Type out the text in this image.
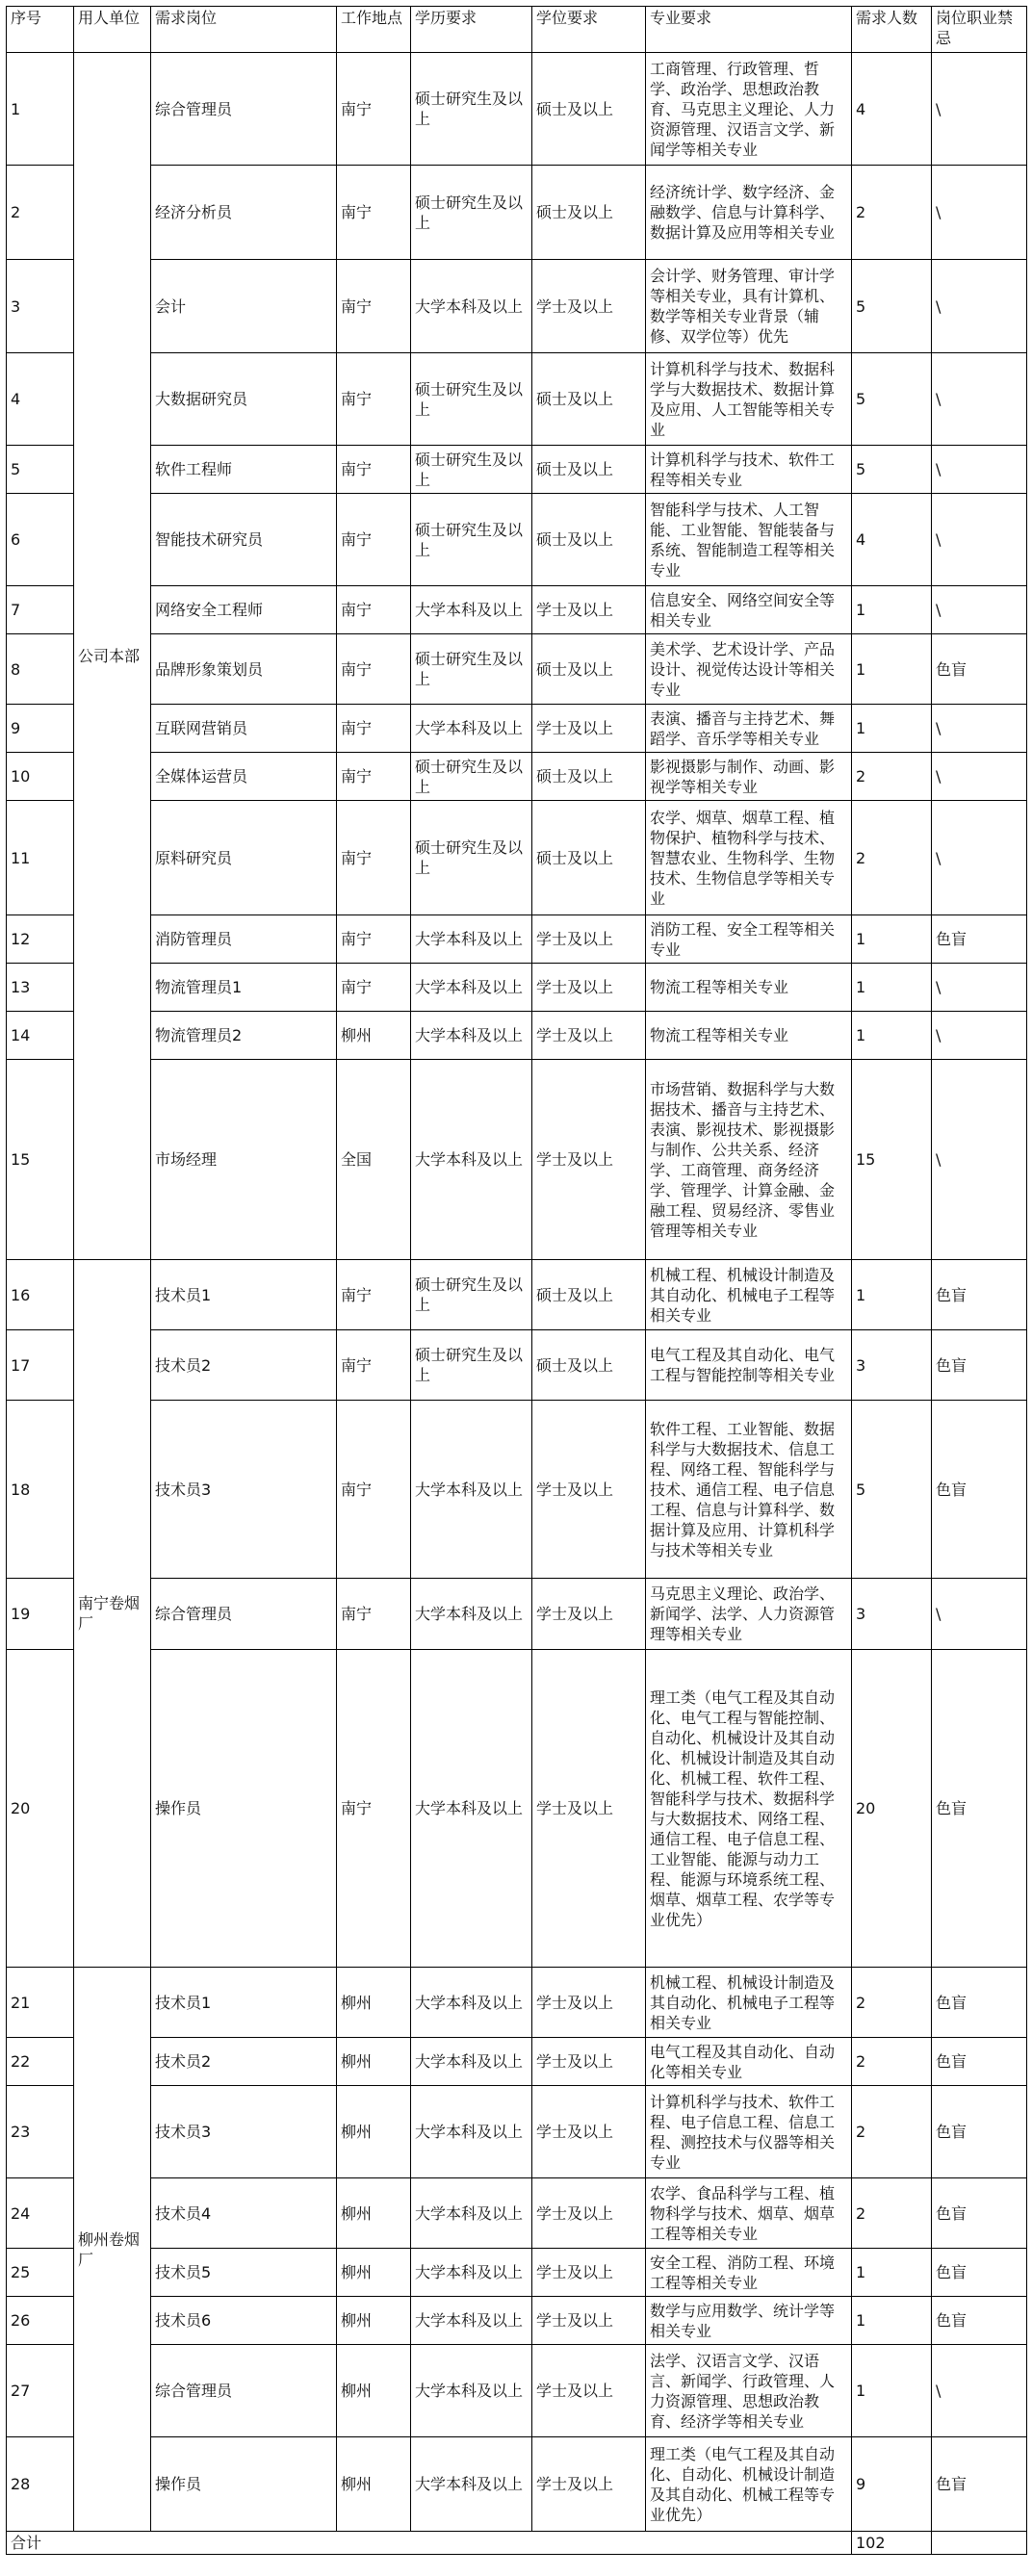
序号	用人单位	需求岗位	工作地点	学历要求	学位要求	专业要求	需求人数	岗位职业禁忌
1	公司本部	综合管理员	南宁	硕士研究生及以上	硕士及以上	工商管理、行政管理、哲学、政治学、思想政治教育、马克思主义理论、人力资源管理、汉语言文学、新闻学等相关专业	4	\
2		经济分析员	南宁	硕士研究生及以上	硕士及以上	经济统计学、数字经济、金融数学、信息与计算科学、数据计算及应用等相关专业	2	\
3		会计	南宁	大学本科及以上	学士及以上	会计学、财务管理、审计学等相关专业，具有计算机、数学等相关专业背景（辅修、双学位等）优先	5	\
4		大数据研究员	南宁	硕士研究生及以上	硕士及以上	计算机科学与技术、数据科学与大数据技术、数据计算及应用、人工智能等相关专业	5	\
5		软件工程师	南宁	硕士研究生及以上	硕士及以上	计算机科学与技术、软件工程等相关专业	5	\
6		智能技术研究员	南宁	硕士研究生及以上	硕士及以上	智能科学与技术、人工智能、工业智能、智能装备与系统、智能制造工程等相关专业	4	\
7		网络安全工程师	南宁	大学本科及以上	学士及以上	信息安全、网络空间安全等相关专业	1	\
8		品牌形象策划员	南宁	硕士研究生及以上	硕士及以上	美术学、艺术设计学、产品设计、视觉传达设计等相关专业	1	色盲
9		互联网营销员	南宁	大学本科及以上	学士及以上	表演、播音与主持艺术、舞蹈学、音乐学等相关专业	1	\
10		全媒体运营员	南宁	硕士研究生及以上	硕士及以上	影视摄影与制作、动画、影视学等相关专业	2	\
11		原料研究员	南宁	硕士研究生及以上	硕士及以上	农学、烟草、烟草工程、植物保护、植物科学与技术、智慧农业、生物科学、生物技术、生物信息学等相关专业	2	\
12		消防管理员	南宁	大学本科及以上	学士及以上	消防工程、安全工程等相关专业	1	色盲
13		物流管理员1	南宁	大学本科及以上	学士及以上	物流工程等相关专业	1	\
14		物流管理员2	柳州	大学本科及以上	学士及以上	物流工程等相关专业	1	\
15		市场经理	全国	大学本科及以上	学士及以上	市场营销、数据科学与大数据技术、播音与主持艺术、表演、影视技术、影视摄影与制作、公共关系、经济学、工商管理、商务经济学、管理学、计算金融、金融工程、贸易经济、零售业管理等相关专业	15	\
16	南宁卷烟厂	技术员1	南宁	硕士研究生及以上	硕士及以上	机械工程、机械设计制造及其自动化、机械电子工程等相关专业	1	色盲
17		技术员2	南宁	硕士研究生及以上	硕士及以上	电气工程及其自动化、电气工程与智能控制等相关专业	3	色盲
18		技术员3	南宁	大学本科及以上	学士及以上	软件工程、工业智能、数据科学与大数据技术、信息工程、网络工程、智能科学与技术、通信工程、电子信息工程、信息与计算科学、数据计算及应用、计算机科学与技术等相关专业	5	色盲
19		综合管理员	南宁	大学本科及以上	学士及以上	马克思主义理论、政治学、新闻学、法学、人力资源管理等相关专业	3	\
20		操作员	南宁	大学本科及以上	学士及以上	理工类（电气工程及其自动化、电气工程与智能控制、自动化、机械设计及其自动化、机械设计制造及其自动化、机械工程、软件工程、智能科学与技术、数据科学与大数据技术、网络工程、通信工程、电子信息工程、工业智能、能源与动力工程、能源与环境系统工程、烟草、烟草工程、农学等专业优先）	20	色盲
21	柳州卷烟厂	技术员1	柳州	大学本科及以上	学士及以上	机械工程、机械设计制造及其自动化、机械电子工程等相关专业	2	色盲
22		技术员2	柳州	大学本科及以上	学士及以上	电气工程及其自动化、自动化等相关专业	2	色盲
23		技术员3	柳州	大学本科及以上	学士及以上	计算机科学与技术、软件工程、电子信息工程、信息工程、测控技术与仪器等相关专业	2	色盲
24		技术员4	柳州	大学本科及以上	学士及以上	农学、食品科学与工程、植物科学与技术、烟草、烟草工程等相关专业	2	色盲
25		技术员5	柳州	大学本科及以上	学士及以上	安全工程、消防工程、环境工程等相关专业	1	色盲
26		技术员6	柳州	大学本科及以上	学士及以上	数学与应用数学、统计学等相关专业	1	色盲
27		综合管理员	柳州	大学本科及以上	学士及以上	法学、汉语言文学、汉语言、新闻学、行政管理、人力资源管理、思想政治教育、经济学等相关专业	1	\
28		操作员	柳州	大学本科及以上	学士及以上	理工类（电气工程及其自动化、自动化、机械设计制造及其自动化、机械工程等专业优先）	9	色盲
合计							102	
